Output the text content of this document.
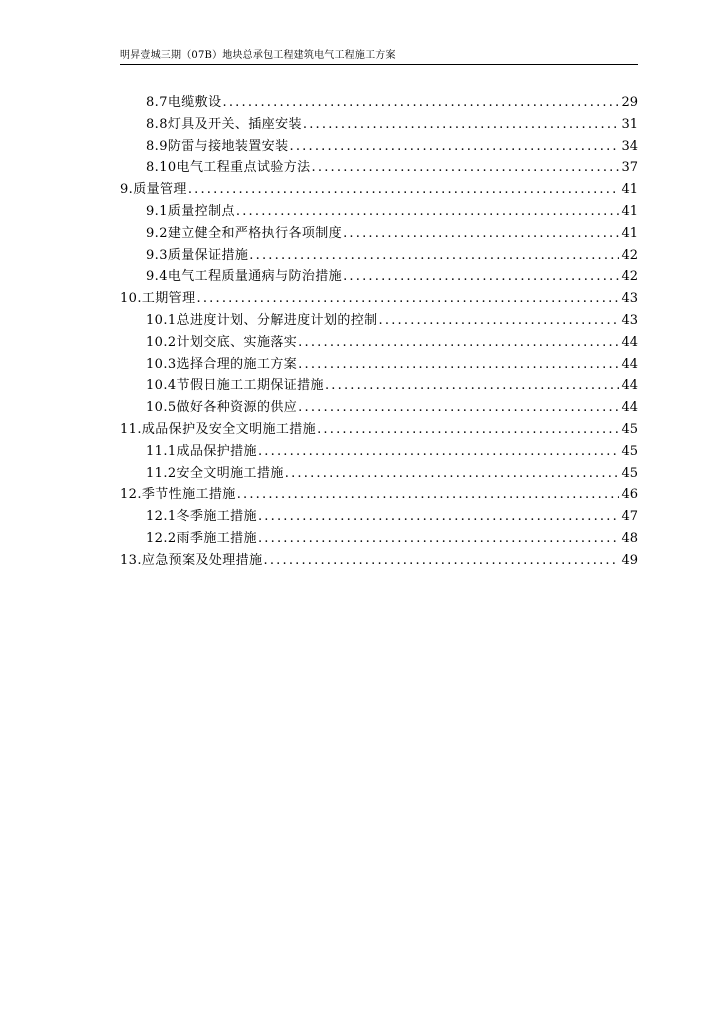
明昇壹城三期（07B）地块总承包工程建筑电气工程施工方案
8.7电缆敷设 .....	29
8.8灯具及开关、插座安装 .....	31
8.9防雷与接地装置安装 .....	34
8.10电气工程重点试验方法 .....	37
9.质量管理 .....	41
9.1质量控制点 .....	41
9.2建立健全和严格执行各项制度 .....	41
9.3质量保证措施 .....	42
9.4电气工程质量通病与防治措施 .....	42
10.工期管理 .....	43
10.1总进度计划、分解进度计划的控制 .....	43
10.2计划交底、实施落实 .....	44
10.3选择合理的施工方案 .....	44
10.4节假日施工工期保证措施 .....	44
10.5做好各种资源的供应 .....	44
11.成品保护及安全文明施工措施 .....	45
11.1成品保护措施 .....	45
11.2安全文明施工措施 .....	45
12.季节性施工措施 .....	46
12.1冬季施工措施 .....	47
12.2雨季施工措施 .....	48
13.应急预案及处理措施 .....	49
